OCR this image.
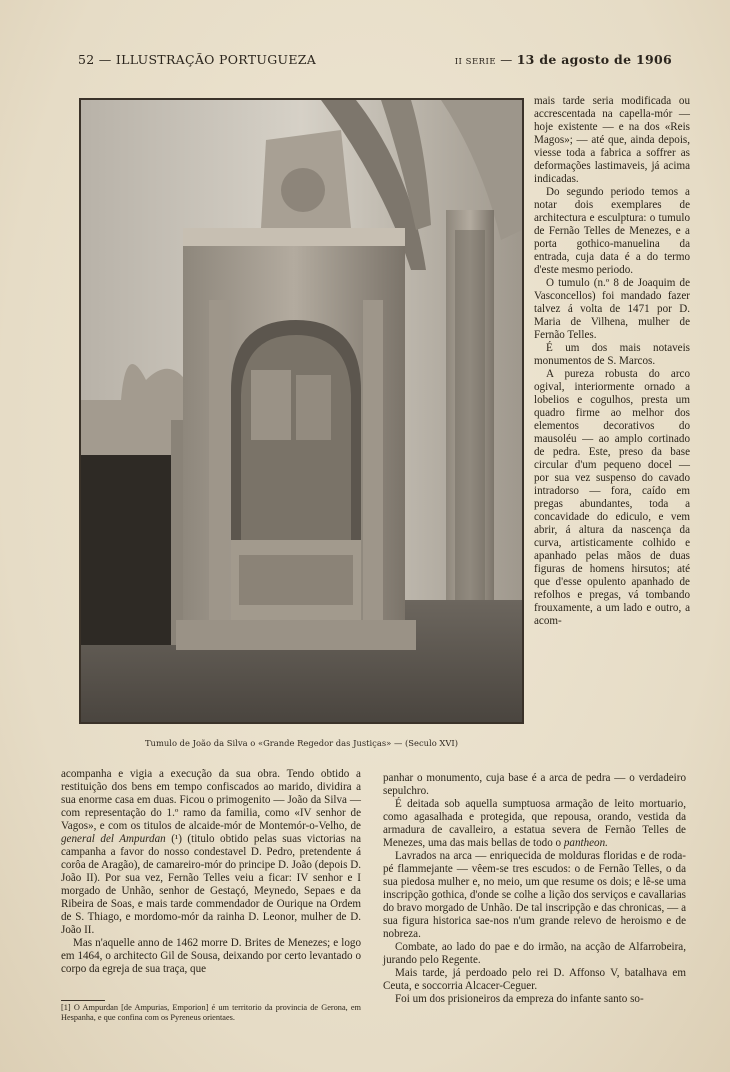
52 — ILLUSTRAÇÃO PORTUGUEZA	II SERIE — 13 de agosto de 1906
Tumulo de João da Silva o «Grande Regedor das Justiças» — (Seculo XVI)

mais tarde seria modificada ou accrescentada na capella-mór — hoje existente — e na dos «Reis Magos»; — até que, ainda depois, viesse toda a fabrica a soffrer as deformações lastimaveis, já acima indicadas.

Do segundo periodo temos a notar dois exemplares de architectura e esculptura: o tumulo de Fernão Telles de Menezes, e a porta gothico-manuelina da entrada, cuja data é a do termo d'este mesmo periodo.

O tumulo (n.º 8 de Joaquim de Vasconcellos) foi mandado fazer talvez á volta de 1471 por D. Maria de Vilhena, mulher de Fernão Telles.

É um dos mais notaveis monumentos de S. Marcos.

A pureza robusta do arco ogival, interiormente ornado a lobelios e cogulhos, presta um quadro firme ao melhor dos elementos decorativos do mausoléu — ao amplo cortinado de pedra. Este, preso da base circular d'um pequeno docel — por sua vez suspenso do cavado intradorso — fora, caído em pregas abundantes, toda a concavidade do ediculo, e vem abrir, á altura da nascença da curva, artisticamente colhido e apanhado pelas mãos de duas figuras de homens hirsutos; até que d'esse opulento apanhado de refolhos e pregas, vá tombando frouxamente, a um lado e outro, a acom-

acompanha e vigia a execução da sua obra. Tendo obtido a restituição dos bens em tempo confiscados ao marido, dividira a sua enorme casa em duas. Ficou o primogenito — João da Silva — com representação do 1.º ramo da familia, como «IV senhor de Vagos», e com os titulos de alcaide-mór de Montemór-o-Velho, de general del Ampurdan (¹) (titulo obtido pelas suas victorias na campanha a favor do nosso condestavel D. Pedro, pretendente á corôa de Aragão), de camareiro-mór do principe D. João (depois D. João II). Por sua vez, Fernão Telles veiu a ficar: IV senhor e I morgado de Unhão, senhor de Gestaçó, Meynedo, Sepaes e da Ribeira de Soas, e mais tarde commendador de Ourique na Ordem de S. Thiago, e mordomo-mór da rainha D. Leonor, mulher de D. João II.

Mas n'aquelle anno de 1462 morre D. Brites de Menezes; e logo em 1464, o architecto Gil de Sousa, deixando por certo levantado o corpo da egreja de sua traça, que

[1] O Ampurdan [de Ampurias, Emporion] é um territorio da provincia de Gerona, em Hespanha, e que confina com os Pyreneus orientaes.

panhar o monumento, cuja base é a arca de pedra — o verdadeiro sepulchro.

É deitada sob aquella sumptuosa armação de leito mortuario, como agasalhada e protegida, que repousa, orando, vestida da armadura de cavalleiro, a estatua severa de Fernão Telles de Menezes, uma das mais bellas de todo o pantheon.

Lavrados na arca — enriquecida de molduras floridas e de roda-pé flammejante — vêem-se tres escudos: o de Fernão Telles, o da sua piedosa mulher e, no meio, um que resume os dois; e lê-se uma inscripção gothica, d'onde se colhe a lição dos serviços e cavallarias do bravo morgado de Unhão. De tal inscripção e das chronicas, — a sua figura historica sae-nos n'um grande relevo de heroismo e de nobreza.

Combate, ao lado do pae e do irmão, na acção de Alfarrobeira, jurando pelo Regente.

Mais tarde, já perdoado pelo rei D. Affonso V, batalhava em Ceuta, e soccorria Alcacer-Ceguer.

Foi um dos prisioneiros da empreza do infante santo so-
